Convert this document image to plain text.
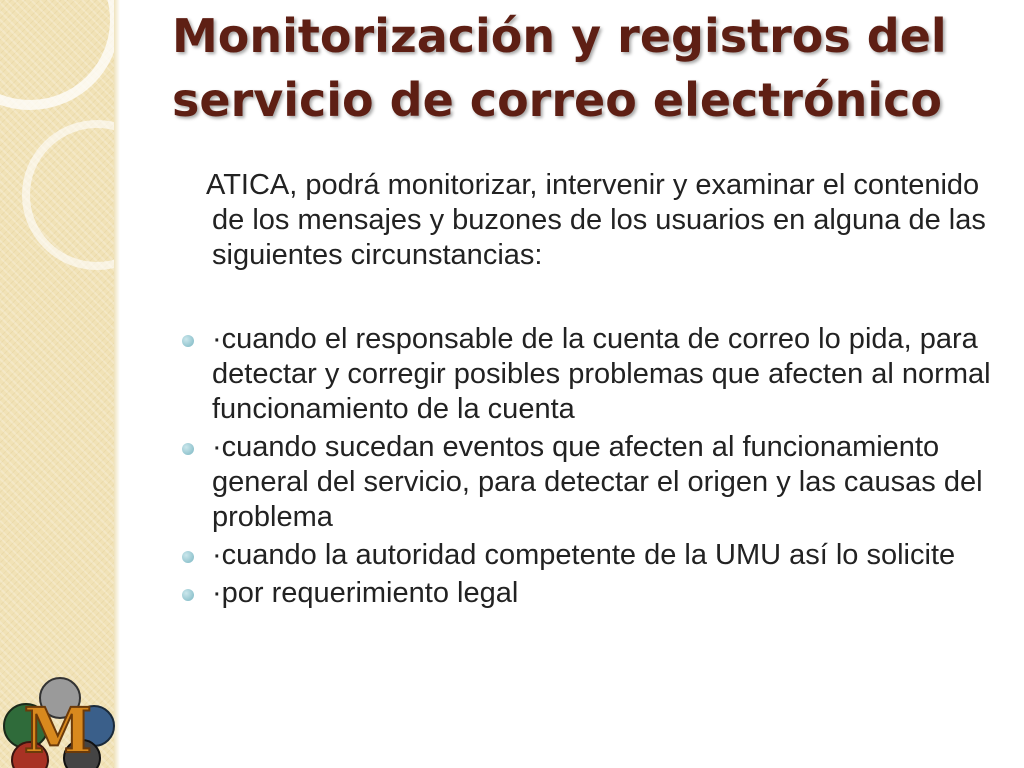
M
Monitorización y registros del servicio de correo electrónico

ATICA, podrá monitorizar, intervenir y examinar el contenido de los mensajes y buzones de los usuarios en alguna de las siguientes circunstancias:

·cuando el responsable de la cuenta de correo lo pida, para detectar y corregir posibles problemas que afecten al normal funcionamiento de la cuenta
·cuando sucedan eventos que afecten al funcionamiento general del servicio, para detectar el origen y las causas del problema
·cuando la autoridad competente de la UMU así lo solicite
·por requerimiento legal
